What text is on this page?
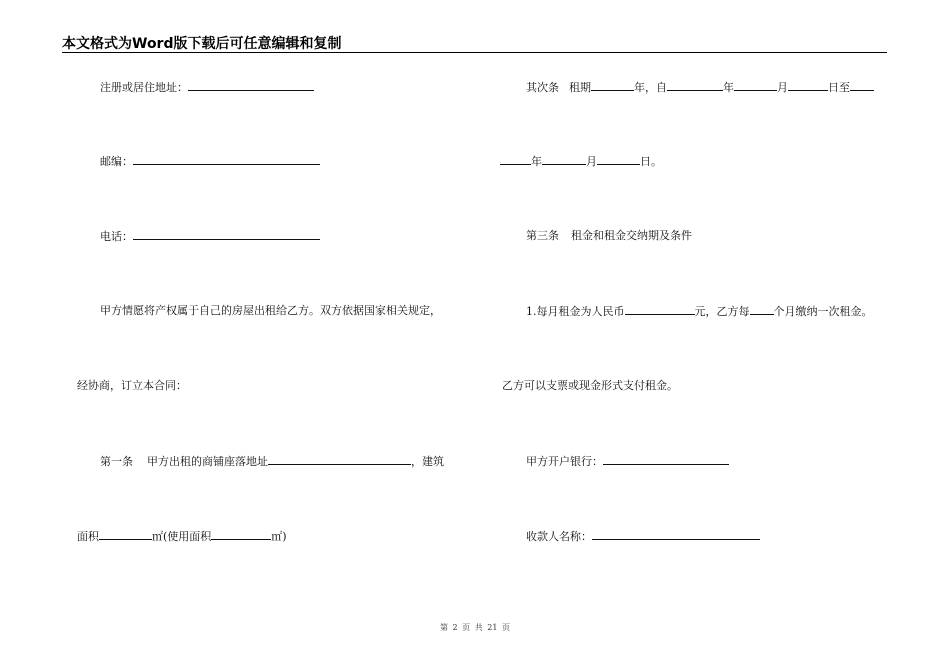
本文格式为Word版下载后可任意编辑和复制
注册或居住地址：
邮编：
电话：
甲方情愿将产权属于自己的房屋出租给乙方。双方依据国家相关规定，
经协商，订立本合同：
第一条 甲方出租的商铺座落地址	，建筑
面积	㎡(使用面积	㎡)
其次条 租期	年，自	年	月	日至
年	月	日。
第三条 租金和租金交纳期及条件
1.每月租金为人民币	元，乙方每 个月缴纳一次租金。
乙方可以支票或现金形式支付租金。
甲方开户银行：
收款人名称：
第 2 页 共 21 页
